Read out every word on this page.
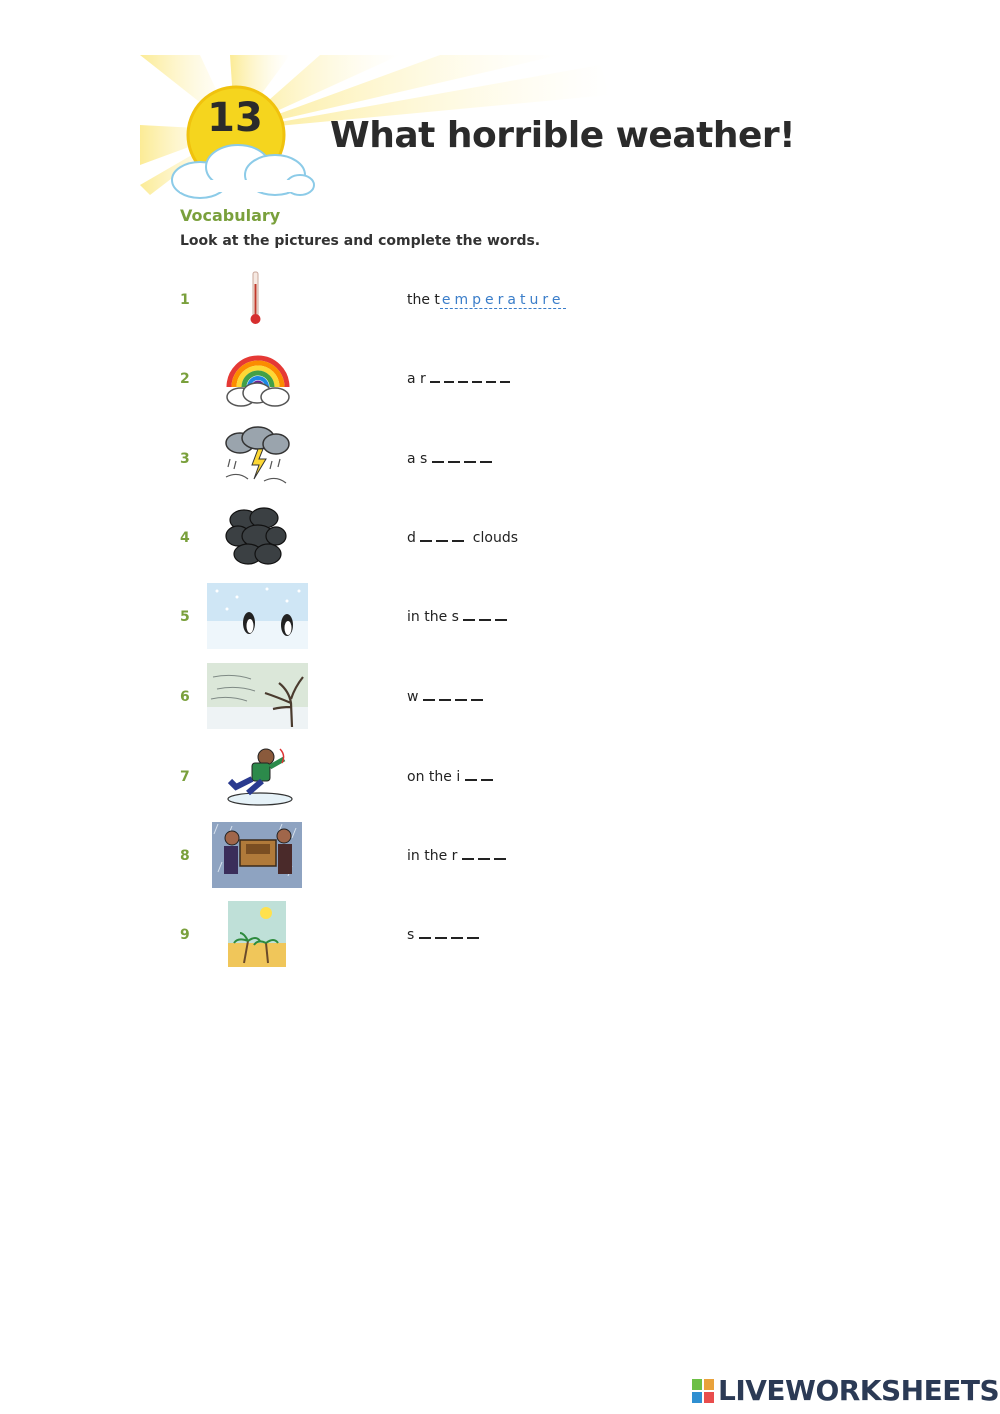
13	What horrible weather!
Vocabulary
Look at the pictures and complete the words.
1	the t emperature
2	a r
3	a s
4	d	clouds
5	in the s
6	w
7	on the i
8	in the r
9	s
LIVEWORKSHEETS
